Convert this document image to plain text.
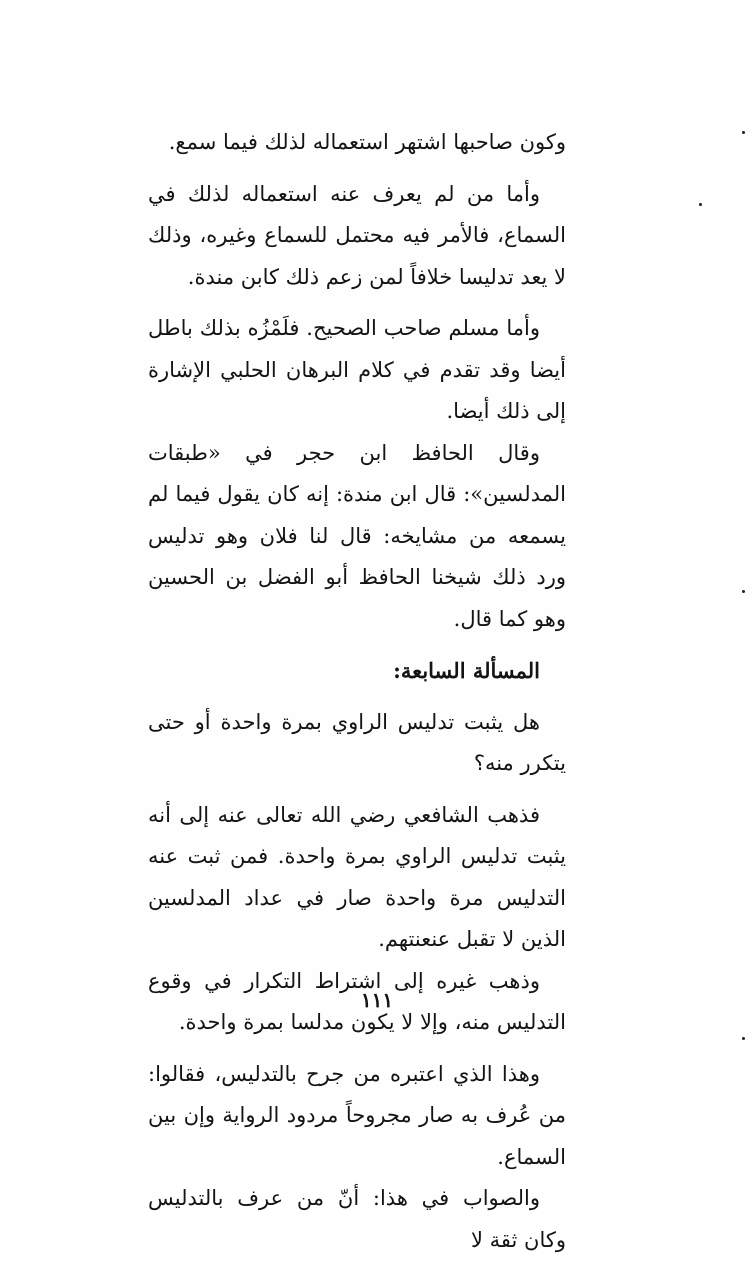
وكون صاحبها اشتهر استعماله لذلك فيما سمع.

وأما من لم يعرف عنه استعماله لذلك في السماع، فالأمر فيه محتمل للسماع وغيره، وذلك لا يعد تدليسا خلافاً لمن زعم ذلك كابن مندة.

وأما مسلم صاحب الصحيح. فلَمْزُه بذلك باطل أيضا وقد تقدم في كلام البرهان الحلبي الإشارة إلى ذلك أيضا.

وقال الحافظ ابن حجر في «طبقات المدلسين»: قال ابن مندة: إنه كان يقول فيما لم يسمعه من مشايخه: قال لنا فلان وهو تدليس ورد ذلك شيخنا الحافظ أبو الفضل بن الحسين وهو كما قال.

المسألة السابعة:

هل يثبت تدليس الراوي بمرة واحدة أو حتى يتكرر منه؟

فذهب الشافعي رضي الله تعالى عنه إلى أنه يثبت تدليس الراوي بمرة واحدة. فمن ثبت عنه التدليس مرة واحدة صار في عداد المدلسين الذين لا تقبل عنعنتهم.

وذهب غيره إلى اشتراط التكرار في وقوع التدليس منه، وإلا لا يكون مدلسا بمرة واحدة.

وهذا الذي اعتبره من جرح بالتدليس، فقالوا: من عُرف به صار مجروحاً مردود الرواية وإن بين السماع.

والصواب في هذا: أنّ من عرف بالتدليس وكان ثقة لا

١١١
